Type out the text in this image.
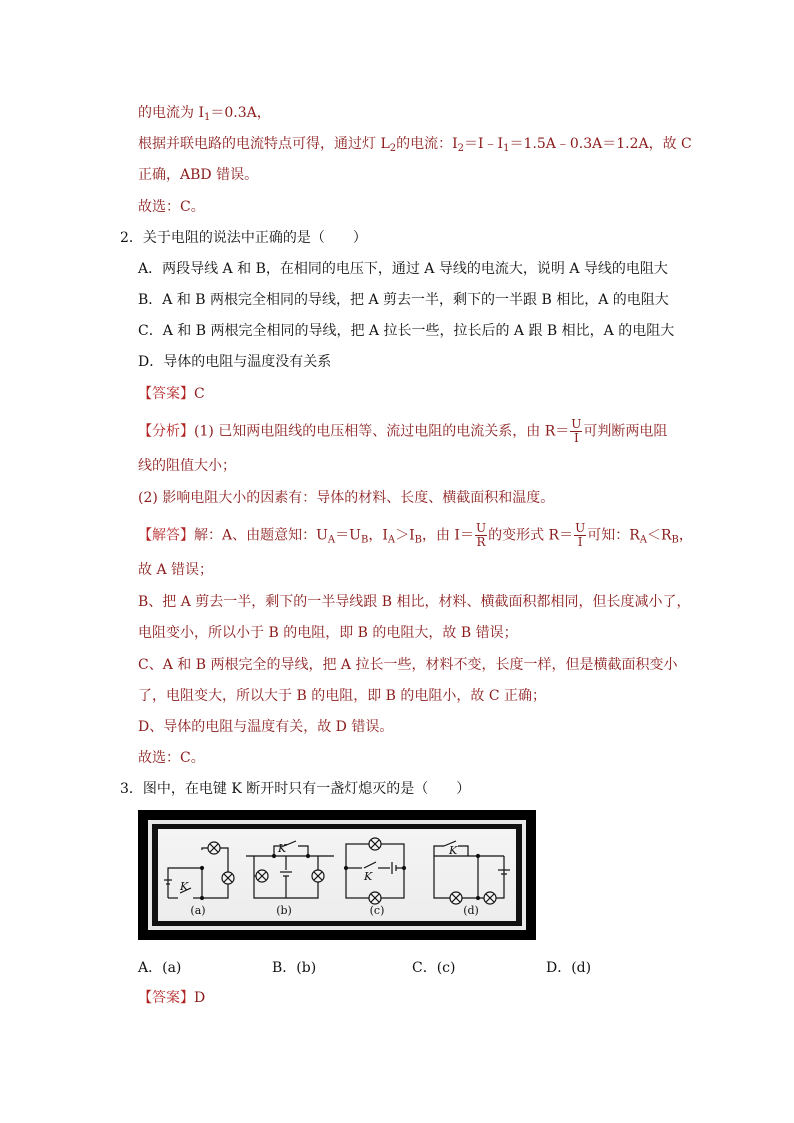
的电流为 $I_1=0.3A$，
根据并联电路的电流特点可得，通过灯 $L_2$的电流：$I_2=I﹣I_1=1.5A﹣0.3A=1.2A$，故 C
正确，ABD 错误。
故选：C。
2．关于电阻的说法中正确的是（　　）
A．两段导线 A 和 B，在相同的电压下，通过 A 导线的电流大，说明 A 导线的电阻大
B．A 和 B 两根完全相同的导线，把 A 剪去一半，剩下的一半跟 B 相比，A 的电阻大
C．A 和 B 两根完全相同的导线，把 A 拉长一些，拉长后的 A 跟 B 相比，A 的电阻大
D．导体的电阻与温度没有关系
【答案】C
【分析】(1) 已知两电阻线的电压相等、流过电阻的电流关系，由 $R= \frac{U}{I}$ 可判断两电阻
线的阻值大小；
(2) 影响电阻大小的因素有：导体的材料、长度、横截面积和温度。
【解答】解：A、由题意知：$U_A=U_B$，$I_A>I_B$，由 $I= \frac{U}{R}$ 的变形式 $R= \frac{U}{I}$ 可知：$R_A<R_B$，
故 A 错误；
B、把 A 剪去一半，剩下的一半导线跟 B 相比，材料、横截面积都相同，但长度减小了，
电阻变小，所以小于 B 的电阻，即 B 的电阻大，故 B 错误；
C、A 和 B 两根完全的导线，把 A 拉长一些，材料不变，长度一样，但是横截面积变小
了，电阻变大，所以大于 B 的电阻，即 B 的电阻小，故 C 正确；
D、导体的电阻与温度有关，故 D 错误。
故选：C。
3．图中，在电键 K 断开时只有一盏灯熄灭的是（　　）
K
K
K
K
(a)	(b)	(c)	(d)
A．(a)	B．(b)	C．(c)	D．(d)
【答案】D
